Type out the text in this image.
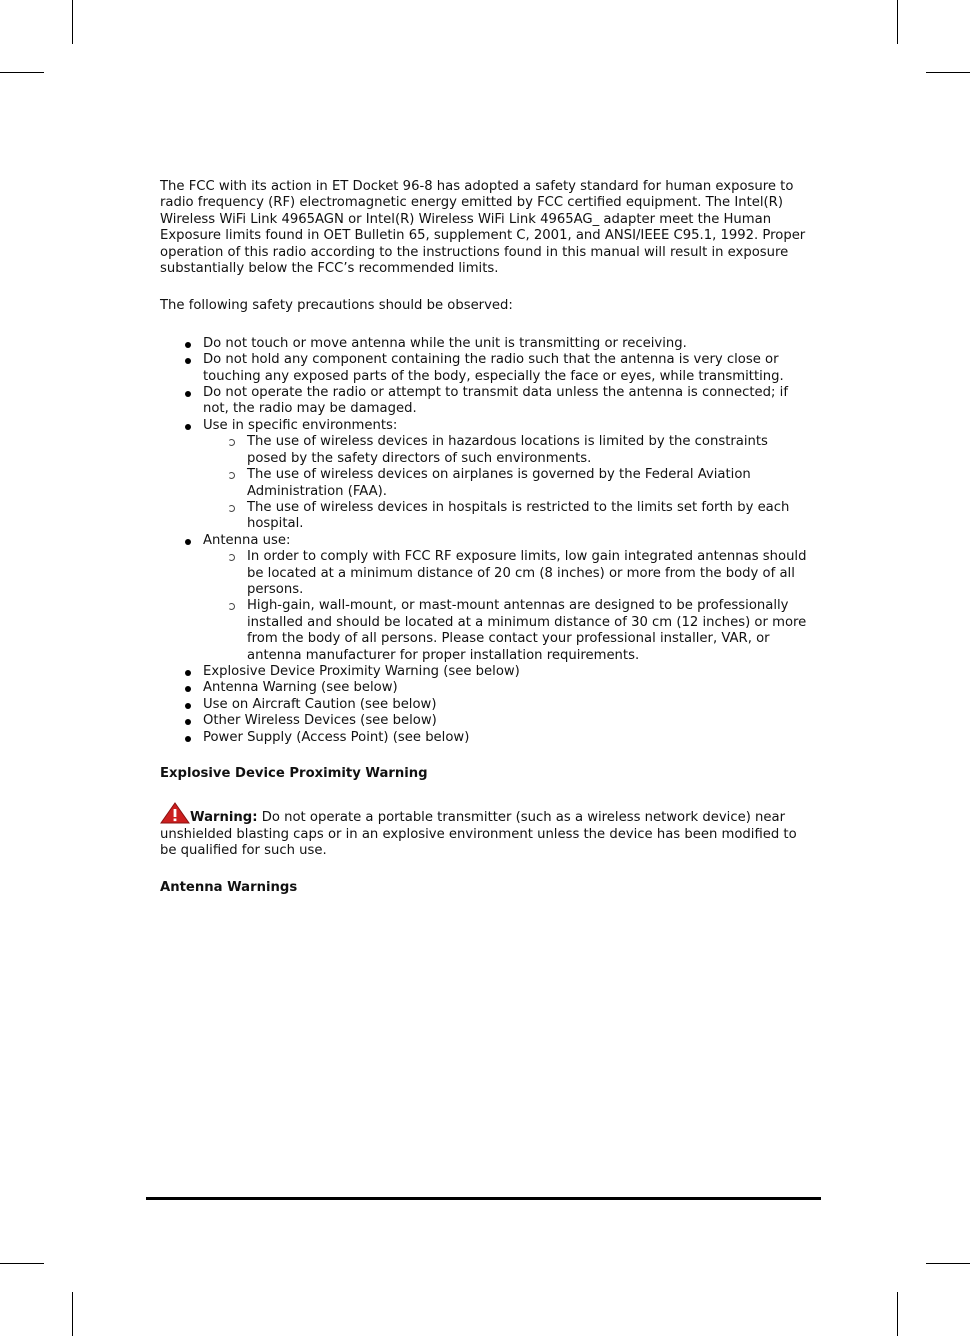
The FCC with its action in ET Docket 96-8 has adopted a safety standard for human exposure to radio frequency (RF) electromagnetic energy emitted by FCC certified equipment. The Intel(R) Wireless WiFi Link 4965AGN or Intel(R) Wireless WiFi Link 4965AG_ adapter meet the Human Exposure limits found in OET Bulletin 65, supplement C, 2001, and ANSI/IEEE C95.1, 1992. Proper operation of this radio according to the instructions found in this manual will result in exposure substantially below the FCC’s recommended limits.

The following safety precautions should be observed:

Do not touch or move antenna while the unit is transmitting or receiving.
Do not hold any component containing the radio such that the antenna is very close or touching any exposed parts of the body, especially the face or eyes, while transmitting.
Do not operate the radio or attempt to transmit data unless the antenna is connected; if not, the radio may be damaged.
Use in specific environments:
The use of wireless devices in hazardous locations is limited by the constraints posed by the safety directors of such environments.
The use of wireless devices on airplanes is governed by the Federal Aviation Administration (FAA).
The use of wireless devices in hospitals is restricted to the limits set forth by each hospital.
Antenna use:
In order to comply with FCC RF exposure limits, low gain integrated antennas should be located at a minimum distance of 20 cm (8 inches) or more from the body of all persons.
High-gain, wall-mount, or mast-mount antennas are designed to be professionally installed and should be located at a minimum distance of 30 cm (12 inches) or more from the body of all persons. Please contact your professional installer, VAR, or antenna manufacturer for proper installation requirements.
Explosive Device Proximity Warning (see below)
Antenna Warning (see below)
Use on Aircraft Caution (see below)
Other Wireless Devices (see below)
Power Supply (Access Point) (see below)

Explosive Device Proximity Warning

Warning: Do not operate a portable transmitter (such as a wireless network device) near unshielded blasting caps or in an explosive environment unless the device has been modified to be qualified for such use.

Antenna Warnings
